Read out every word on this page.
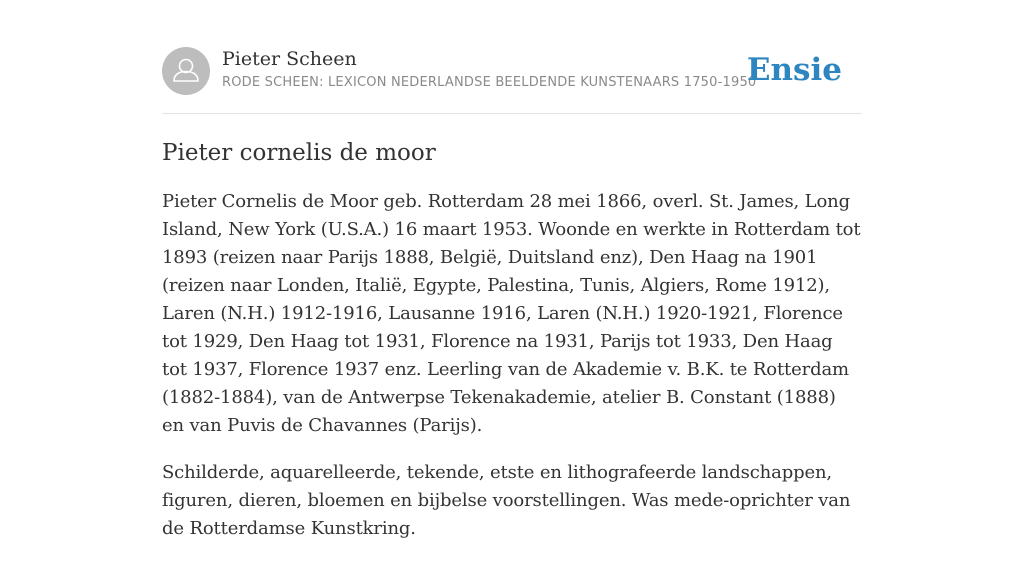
Pieter Scheen
RODE SCHEEN: LEXICON NEDERLANDSE BEELDENDE KUNSTENAARS 1750-1950
Ensie
Pieter cornelis de moor

Pieter Cornelis de Moor geb. Rotterdam 28 mei 1866, overl. St. James, Long Island, New York (U.S.A.) 16 maart 1953. Woonde en werkte in Rotterdam tot 1893 (reizen naar Parijs 1888, België, Duitsland enz), Den Haag na 1901 (reizen naar Londen, Italië, Egypte, Palestina, Tunis, Algiers, Rome 1912), Laren (N.H.) 1912-1916, Lausanne 1916, Laren (N.H.) 1920-1921, Florence tot 1929, Den Haag tot 1931, Florence na 1931, Parijs tot 1933, Den Haag tot 1937, Florence 1937 enz. Leerling van de Akademie v. B.K. te Rotterdam (1882-1884), van de Antwerpse Tekenakademie, atelier B. Constant (1888) en van Puvis de Chavannes (Parijs).

Schilderde, aquarelleerde, tekende, etste en lithografeerde landschappen, figuren, dieren, bloemen en bijbelse voorstellingen. Was mede-oprichter van de Rotterdamse Kunstkring.
